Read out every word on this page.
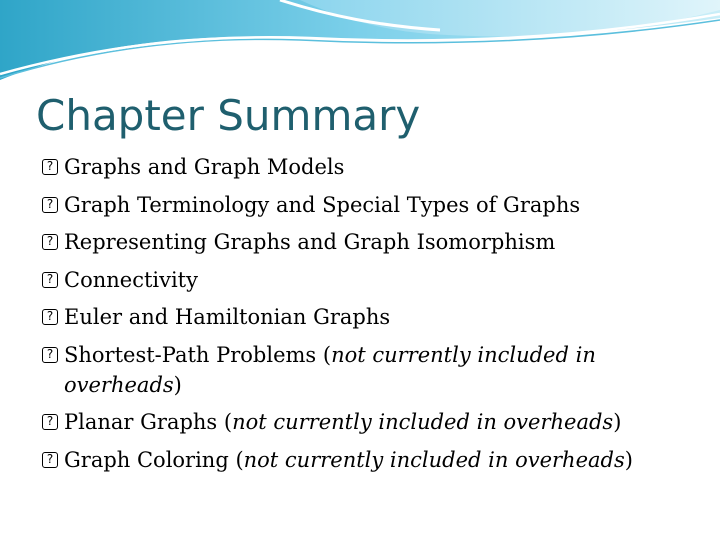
Chapter Summary
? Graphs and Graph Models
? Graph Terminology and Special Types of Graphs
? Representing Graphs and Graph Isomorphism
? Connectivity
? Euler and Hamiltonian Graphs
? Shortest-Path Problems (not currently included in overheads)
? Planar Graphs (not currently included in overheads)
? Graph Coloring (not currently included in overheads)
